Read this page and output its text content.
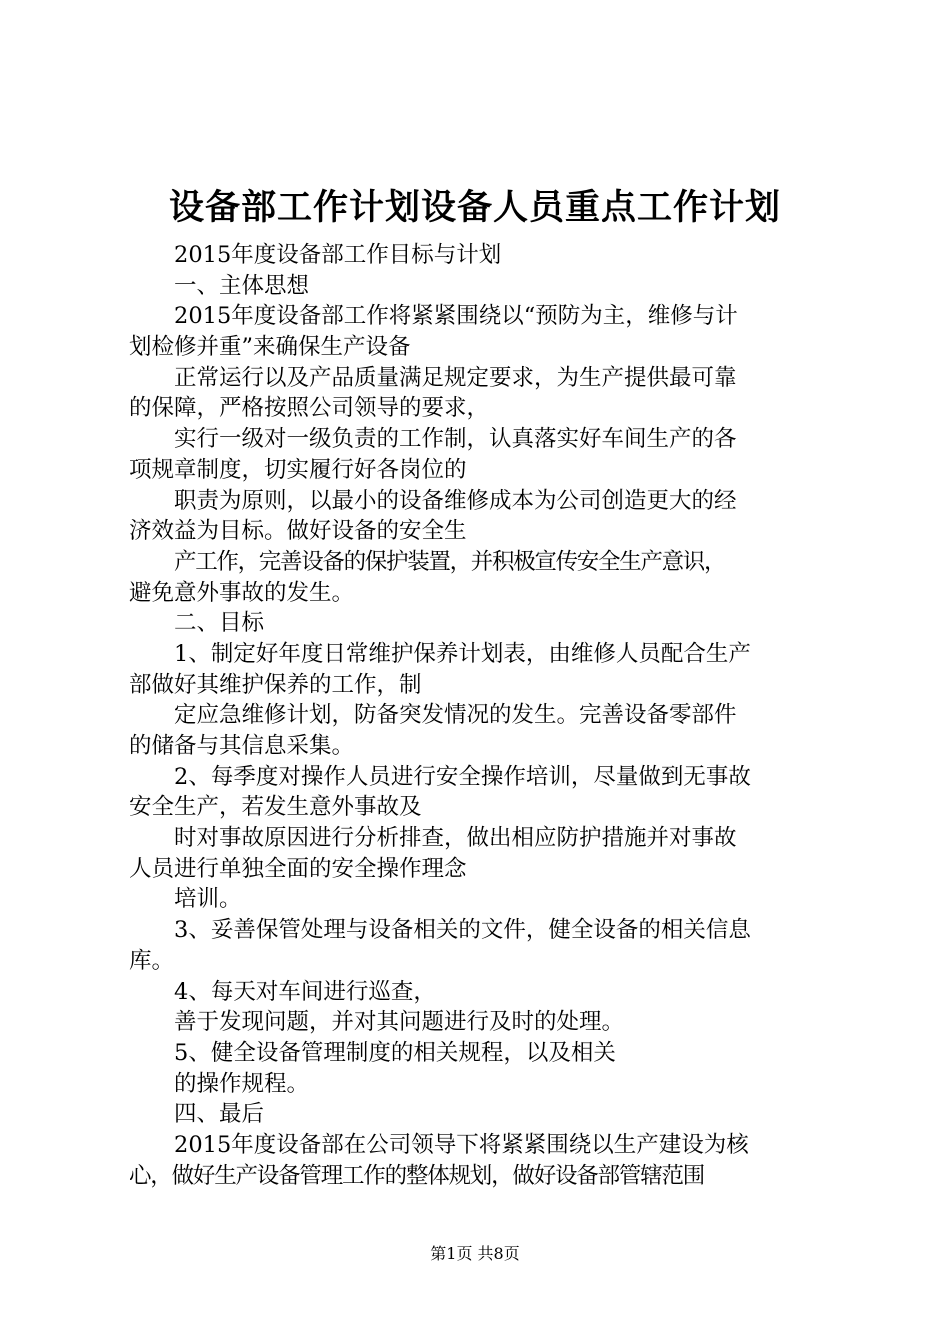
设备部工作计划设备人员重点工作计划
2015年度设备部工作目标与计划
一、主体思想
2015年度设备部工作将紧紧围绕以“预防为主，维修与计
划检修并重”来确保生产设备
正常运行以及产品质量满足规定要求，为生产提供最可靠
的保障，严格按照公司领导的要求，
实行一级对一级负责的工作制，认真落实好车间生产的各
项规章制度，切实履行好各岗位的
职责为原则，以最小的设备维修成本为公司创造更大的经
济效益为目标。做好设备的安全生
产工作，完善设备的保护装置，并积极宣传安全生产意识，
避免意外事故的发生。
二、目标
1、制定好年度日常维护保养计划表，由维修人员配合生产
部做好其维护保养的工作，制
定应急维修计划，防备突发情况的发生。完善设备零部件
的储备与其信息采集。
2、每季度对操作人员进行安全操作培训，尽量做到无事故
安全生产，若发生意外事故及
时对事故原因进行分析排查，做出相应防护措施并对事故
人员进行单独全面的安全操作理念
培训。
3、妥善保管处理与设备相关的文件，健全设备的相关信息
库。
4、每天对车间进行巡查，
善于发现问题，并对其问题进行及时的处理。
5、健全设备管理制度的相关规程，以及相关
的操作规程。
四、最后
2015年度设备部在公司领导下将紧紧围绕以生产建设为核
心，做好生产设备管理工作的整体规划，做好设备部管辖范围
第1页 共8页
